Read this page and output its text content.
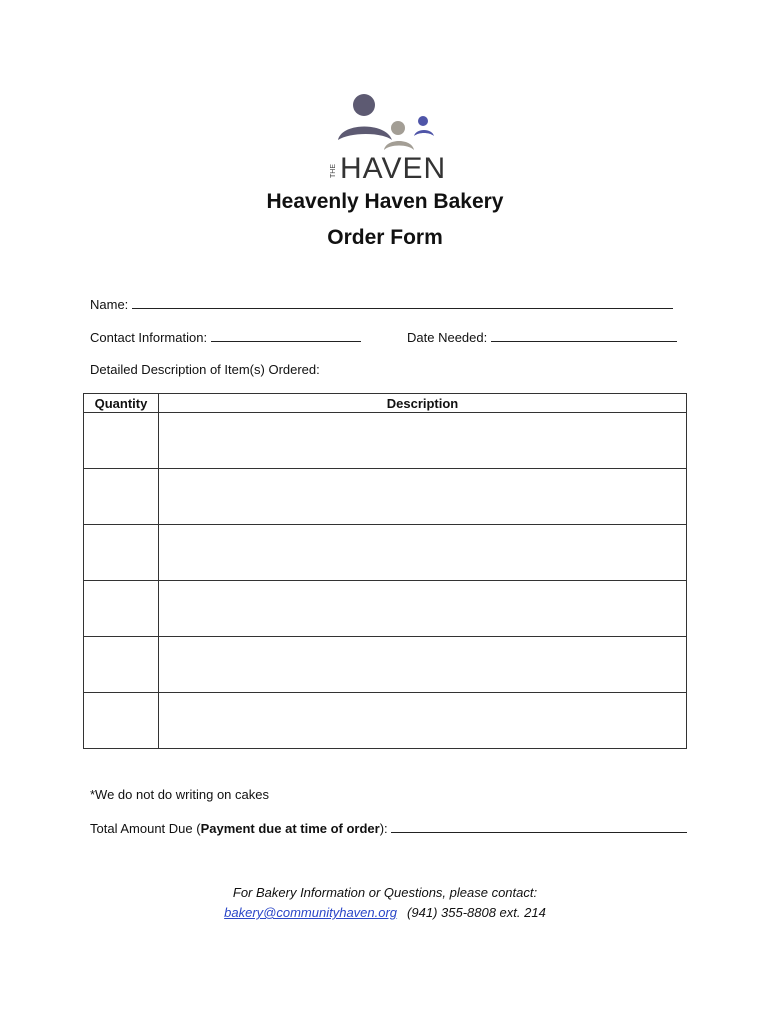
THE HAVEN
Heavenly Haven Bakery
Order Form
Name:
Contact Information:	Date Needed:
Detailed Description of Item(s) Ordered:
Quantity	Description

*We do not do writing on cakes
Total Amount Due (Payment due at time of order):
For Bakery Information or Questions, please contact:
bakery@communityhaven.org (941) 355-8808 ext. 214
